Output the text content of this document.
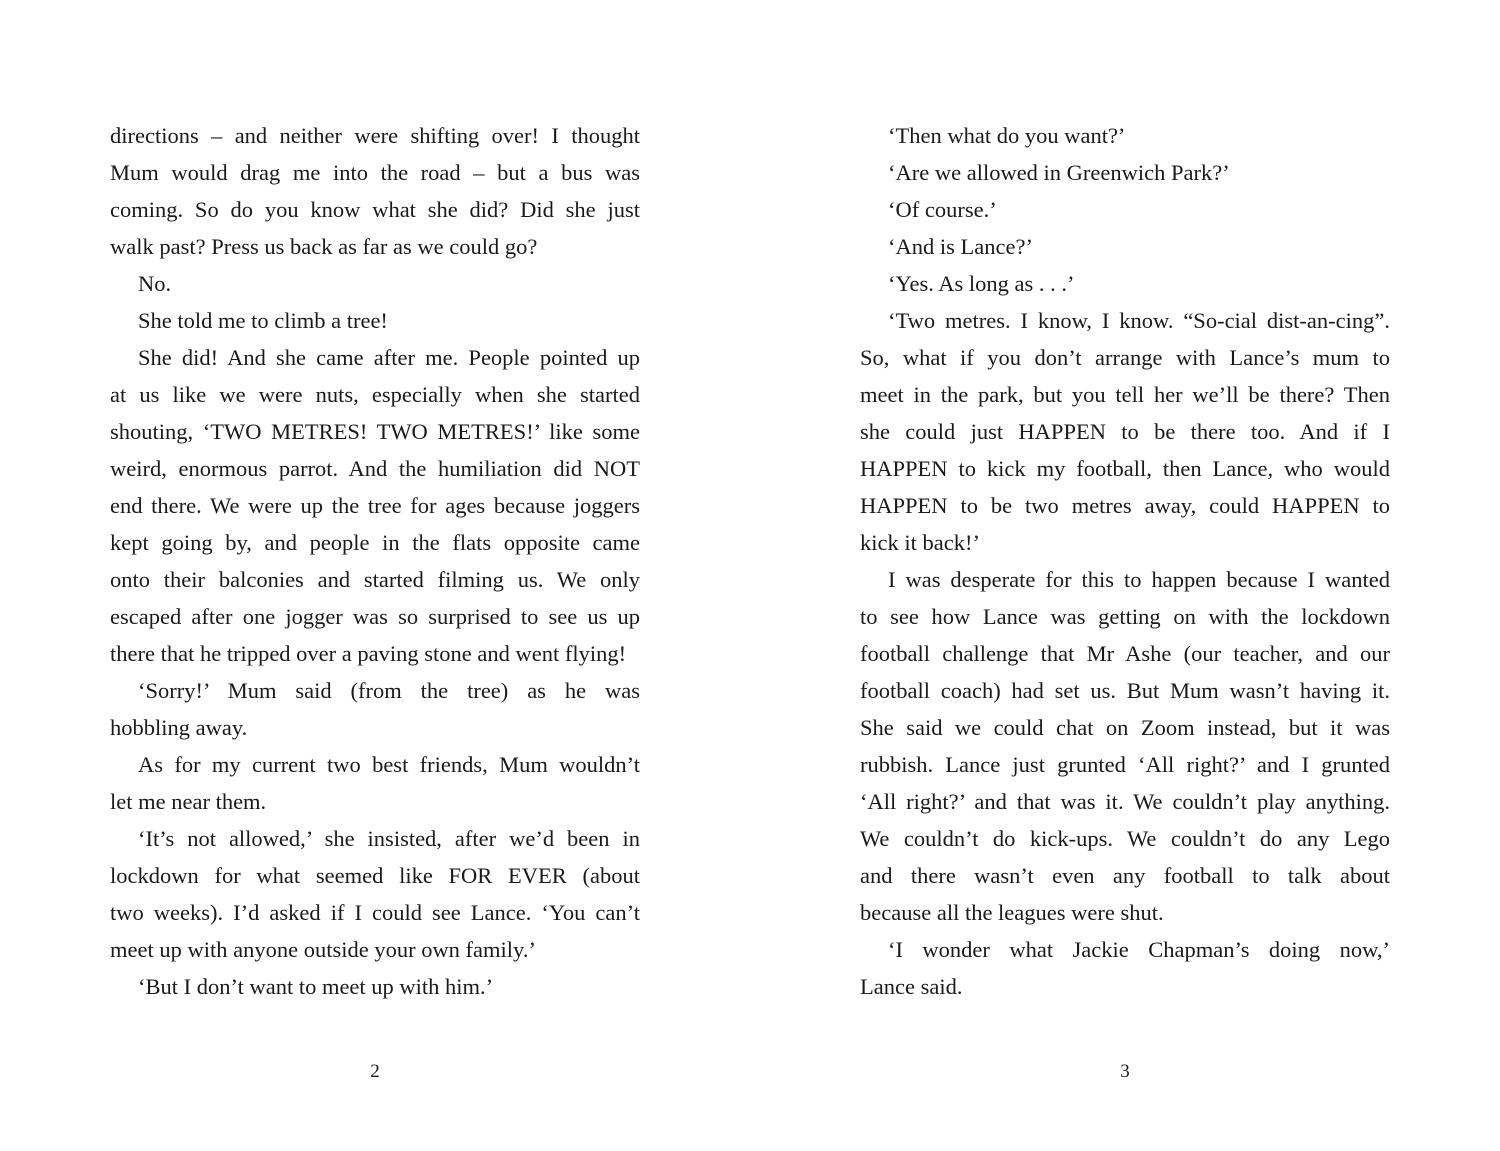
directions – and neither were shifting over! I thought
Mum would drag me into the road – but a bus was
coming. So do you know what she did? Did she just
walk past? Press us back as far as we could go?
No.
She told me to climb a tree!
She did! And she came after me. People pointed up
at us like we were nuts, especially when she started
shouting, ‘TWO METRES! TWO METRES!’ like some
weird, enormous parrot. And the humiliation did NOT
end there. We were up the tree for ages because joggers
kept going by, and people in the flats opposite came
onto their balconies and started filming us. We only
escaped after one jogger was so surprised to see us up
there that he tripped over a paving stone and went flying!
‘Sorry!’ Mum said (from the tree) as he was
hobbling away.
As for my current two best friends, Mum wouldn’t
let me near them.
‘It’s not allowed,’ she insisted, after we’d been in
lockdown for what seemed like FOR EVER (about
two weeks). I’d asked if I could see Lance. ‘You can’t
meet up with anyone outside your own family.’
‘But I don’t want to meet up with him.’
‘Then what do you want?’
‘Are we allowed in Greenwich Park?’
‘Of course.’
‘And is Lance?’
‘Yes. As long as . . .’
‘Two metres. I know, I know. “So-cial dist-an-cing”.
So, what if you don’t arrange with Lance’s mum to
meet in the park, but you tell her we’ll be there? Then
she could just HAPPEN to be there too. And if I
HAPPEN to kick my football, then Lance, who would
HAPPEN to be two metres away, could HAPPEN to
kick it back!’
I was desperate for this to happen because I wanted
to see how Lance was getting on with the lockdown
football challenge that Mr Ashe (our teacher, and our
football coach) had set us. But Mum wasn’t having it.
She said we could chat on Zoom instead, but it was
rubbish. Lance just grunted ‘All right?’ and I grunted
‘All right?’ and that was it. We couldn’t play anything.
We couldn’t do kick-ups. We couldn’t do any Lego
and there wasn’t even any football to talk about
because all the leagues were shut.
‘I wonder what Jackie Chapman’s doing now,’
Lance said.
2	3
